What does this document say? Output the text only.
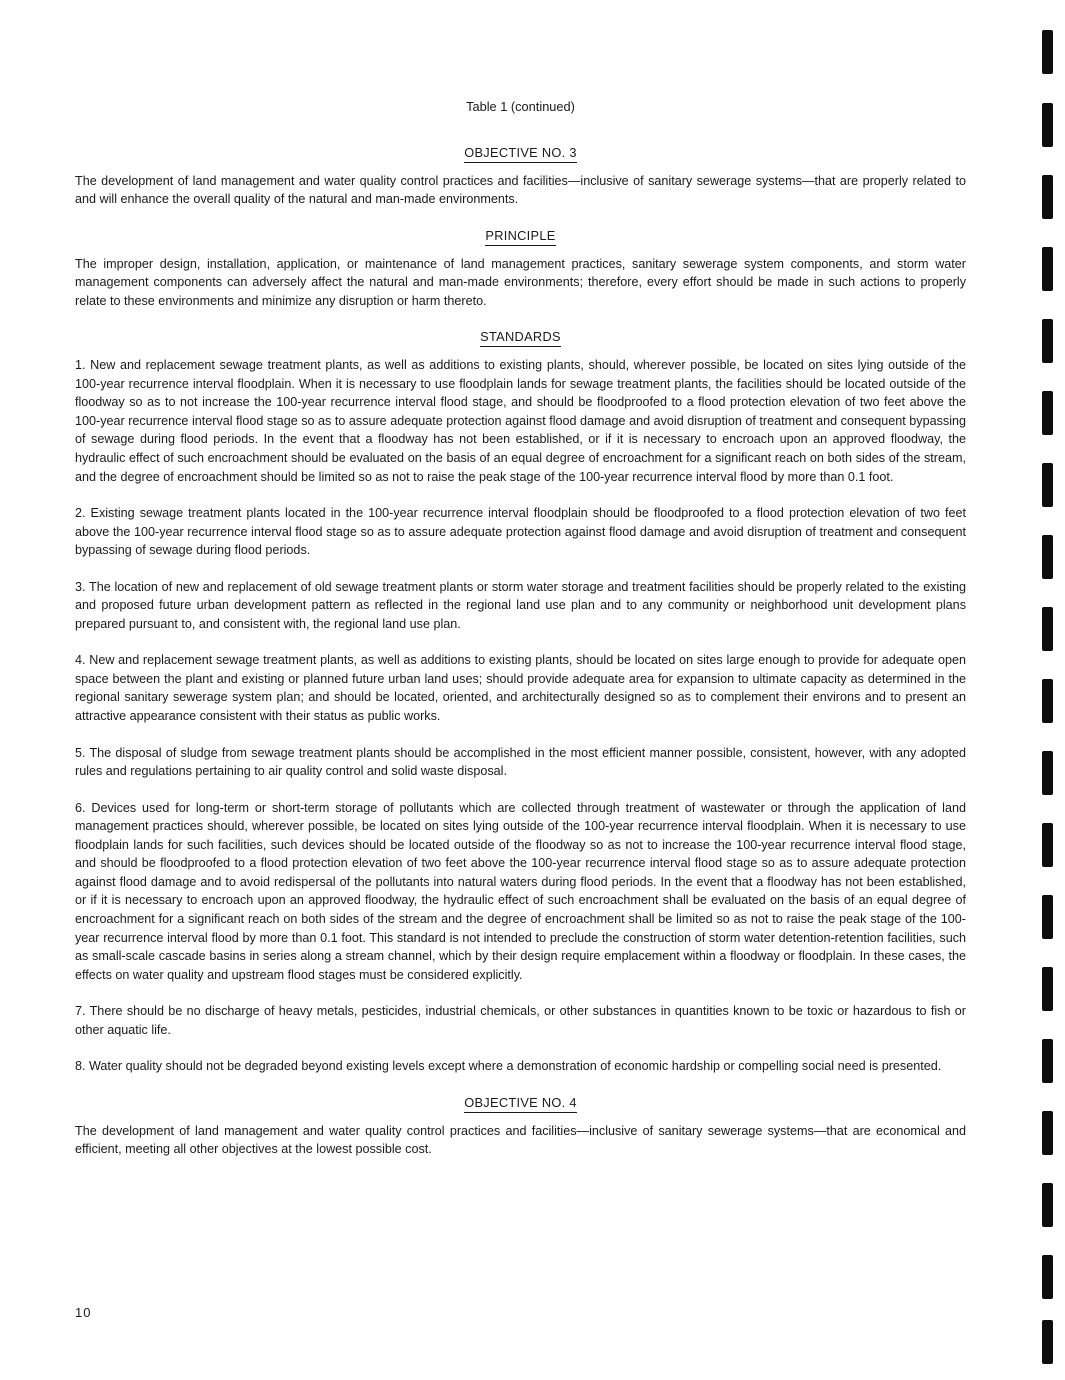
Table 1 (continued)

OBJECTIVE NO. 3

The development of land management and water quality control practices and facilities—inclusive of sanitary sewerage systems—that are properly related to and will enhance the overall quality of the natural and man-made environments.

PRINCIPLE

The improper design, installation, application, or maintenance of land management practices, sanitary sewerage system components, and storm water management components can adversely affect the natural and man-made environments; therefore, every effort should be made in such actions to properly relate to these environments and minimize any disruption or harm thereto.

STANDARDS

1. New and replacement sewage treatment plants, as well as additions to existing plants, should, wherever possible, be located on sites lying outside of the 100-year recurrence interval floodplain. When it is necessary to use floodplain lands for sewage treatment plants, the facilities should be located outside of the floodway so as to not increase the 100-year recurrence interval flood stage, and should be floodproofed to a flood protection elevation of two feet above the 100-year recurrence interval flood stage so as to assure adequate protection against flood damage and avoid disruption of treatment and consequent bypassing of sewage during flood periods. In the event that a floodway has not been established, or if it is necessary to encroach upon an approved floodway, the hydraulic effect of such encroachment should be evaluated on the basis of an equal degree of encroachment for a significant reach on both sides of the stream, and the degree of encroachment should be limited so as not to raise the peak stage of the 100-year recurrence interval flood by more than 0.1 foot.

2. Existing sewage treatment plants located in the 100-year recurrence interval floodplain should be floodproofed to a flood protection elevation of two feet above the 100-year recurrence interval flood stage so as to assure adequate protection against flood damage and avoid disruption of treatment and consequent bypassing of sewage during flood periods.

3. The location of new and replacement of old sewage treatment plants or storm water storage and treatment facilities should be properly related to the existing and proposed future urban development pattern as reflected in the regional land use plan and to any community or neighborhood unit development plans prepared pursuant to, and consistent with, the regional land use plan.

4. New and replacement sewage treatment plants, as well as additions to existing plants, should be located on sites large enough to provide for adequate open space between the plant and existing or planned future urban land uses; should provide adequate area for expansion to ultimate capacity as determined in the regional sanitary sewerage system plan; and should be located, oriented, and architecturally designed so as to complement their environs and to present an attractive appearance consistent with their status as public works.

5. The disposal of sludge from sewage treatment plants should be accomplished in the most efficient manner possible, consistent, however, with any adopted rules and regulations pertaining to air quality control and solid waste disposal.

6. Devices used for long-term or short-term storage of pollutants which are collected through treatment of wastewater or through the application of land management practices should, wherever possible, be located on sites lying outside of the 100-year recurrence interval floodplain. When it is necessary to use floodplain lands for such facilities, such devices should be located outside of the floodway so as not to increase the 100-year recurrence interval flood stage, and should be floodproofed to a flood protection elevation of two feet above the 100-year recurrence interval flood stage so as to assure adequate protection against flood damage and to avoid redispersal of the pollutants into natural waters during flood periods. In the event that a floodway has not been established, or if it is necessary to encroach upon an approved floodway, the hydraulic effect of such encroachment shall be evaluated on the basis of an equal degree of encroachment for a significant reach on both sides of the stream and the degree of encroachment shall be limited so as not to raise the peak stage of the 100-year recurrence interval flood by more than 0.1 foot. This standard is not intended to preclude the construction of storm water detention-retention facilities, such as small-scale cascade basins in series along a stream channel, which by their design require emplacement within a floodway or floodplain. In these cases, the effects on water quality and upstream flood stages must be considered explicitly.

7. There should be no discharge of heavy metals, pesticides, industrial chemicals, or other substances in quantities known to be toxic or hazardous to fish or other aquatic life.

8. Water quality should not be degraded beyond existing levels except where a demonstration of economic hardship or compelling social need is presented.

OBJECTIVE NO. 4

The development of land management and water quality control practices and facilities—inclusive of sanitary sewerage systems—that are economical and efficient, meeting all other objectives at the lowest possible cost.

10
